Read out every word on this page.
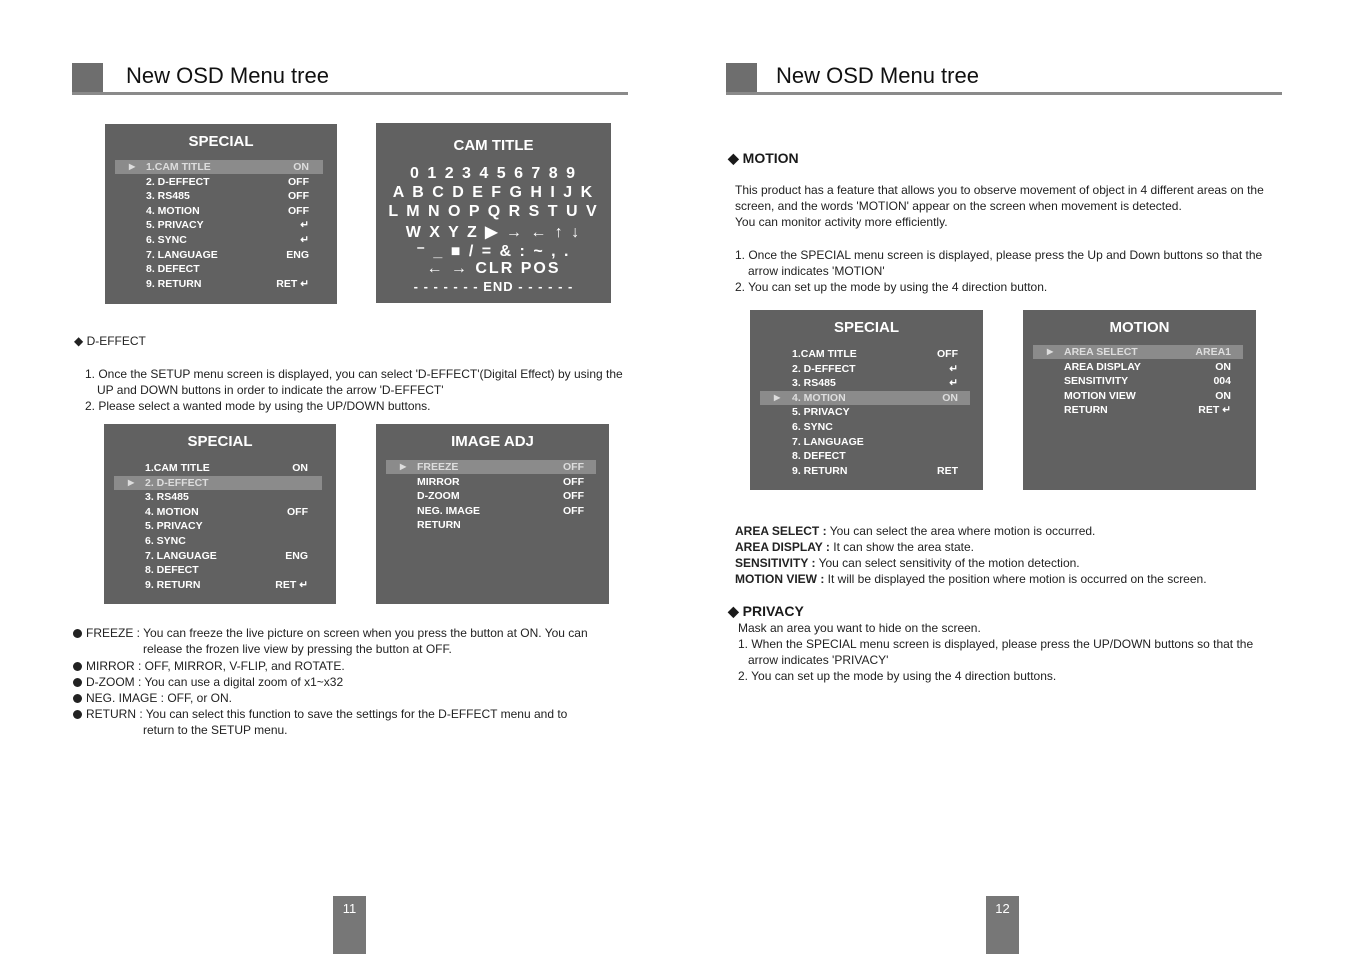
New OSD Menu tree
SPECIAL
▶ 1.CAM TITLE	ON
2. D-EFFECT	OFF
3. RS485	OFF
4. MOTION	OFF
5. PRIVACY	↵
6. SYNC	↵
7. LANGUAGE	ENG
8. DEFECT
9. RETURN	RET ↵
CAM TITLE
0 1 2 3 4 5 6 7 8 9
A B C D E F G H I J K
L M N O P Q R S T U V
W X Y Z ▶ → ← ↑ ↓
⁻ _ ■ / = & : ~ , .
← → CLR POS
- - - - - - - END - - - - - -
◆ D-EFFECT
1. Once the SETUP menu screen is displayed, you can select 'D-EFFECT'(Digital Effect) by using the
UP and DOWN buttons in order to indicate the arrow 'D-EFFECT'
2. Please select a wanted mode by using the UP/DOWN buttons.
SPECIAL
1.CAM TITLE	ON
▶ 2. D-EFFECT
3. RS485
4. MOTION	OFF
5. PRIVACY
6. SYNC
7. LANGUAGE	ENG
8. DEFECT
9. RETURN	RET ↵
IMAGE ADJ
▶ FREEZE	OFF
MIRROR	OFF
D-ZOOM	OFF
NEG. IMAGE	OFF
RETURN
FREEZE : You can freeze the live picture on screen when you press the button at ON. You can
release the frozen live view by pressing the button at OFF.
MIRROR : OFF, MIRROR, V-FLIP, and ROTATE.
D-ZOOM : You can use a digital zoom of x1~x32
NEG. IMAGE : OFF, or ON.
RETURN : You can select this function to save the settings for the D-EFFECT menu and to
return to the SETUP menu.
11
New OSD Menu tree
◆ MOTION
This product has a feature that allows you to observe movement of object in 4 different areas on the
screen, and the words 'MOTION' appear on the screen when movement is detected.
You can monitor activity more efficiently.
1. Once the SPECIAL menu screen is displayed, please press the Up and Down buttons so that the
arrow indicates 'MOTION'
2. You can set up the mode by using the 4 direction button.
SPECIAL
1.CAM TITLE	OFF
2. D-EFFECT	↵
3. RS485	↵
▶ 4. MOTION	ON
5. PRIVACY
6. SYNC
7. LANGUAGE
8. DEFECT
9. RETURN	RET
MOTION
▶ AREA SELECT	AREA1
AREA DISPLAY	ON
SENSITIVITY	004
MOTION VIEW	ON
RETURN	RET ↵
AREA SELECT : You can select the area where motion is occurred.
AREA DISPLAY : It can show the area state.
SENSITIVITY : You can select sensitivity of the motion detection.
MOTION VIEW : It will be displayed the position where motion is occurred on the screen.
◆ PRIVACY
Mask an area you want to hide on the screen.
1. When the SPECIAL menu screen is displayed, please press the UP/DOWN buttons so that the
arrow indicates 'PRIVACY'
2. You can set up the mode by using the 4 direction buttons.
12
